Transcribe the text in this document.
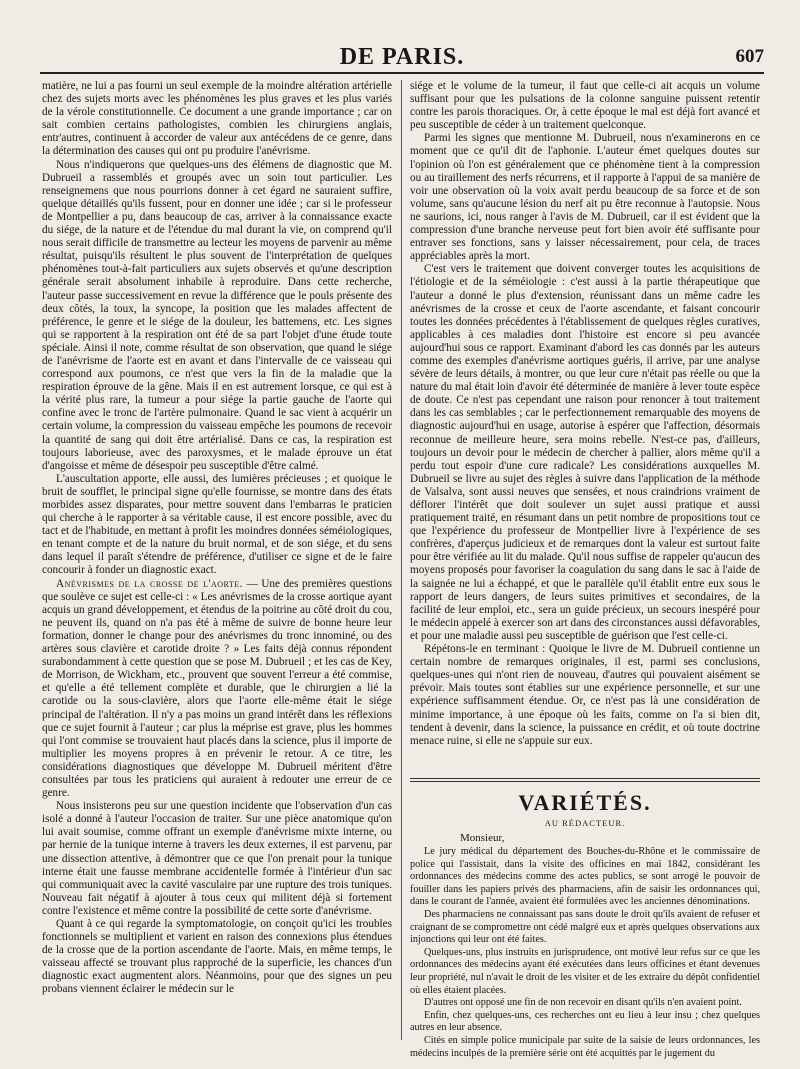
DE PARIS.	607

matière, ne lui a pas fourni un seul exemple de la moindre altération artérielle chez des sujets morts avec les phénomènes les plus graves et les plus variés de la vérole constitutionnelle. Ce document a une grande importance ; car on sait combien certains pathologistes, combien les chirurgiens anglais, entr'autres, continuent à accorder de valeur aux antécédens de ce genre, dans la détermination des causes qui ont pu produire l'anévrisme.

Nous n'indiquerons que quelques-uns des élémens de diagnostic que M. Dubrueil a rassemblés et groupés avec un soin tout particulier. Les renseignemens que nous pourrions donner à cet égard ne sauraient suffire, quelque détaillés qu'ils fussent, pour en donner une idée ; car si le professeur de Montpellier a pu, dans beaucoup de cas, arriver à la connaissance exacte du siége, de la nature et de l'étendue du mal durant la vie, on comprend qu'il nous serait difficile de transmettre au lecteur les moyens de parvenir au même résultat, puisqu'ils résultent le plus souvent de l'interprétation de quelques phénomènes tout-à-fait particuliers aux sujets observés et qu'une description générale serait absolument inhabile à reproduire. Dans cette recherche, l'auteur passe successivement en revue la différence que le pouls présente des deux côtés, la toux, la syncope, la position que les malades affectent de préférence, le genre et le siége de la douleur, les battemens, etc. Les signes qui se rapportent à la respiration ont été de sa part l'objet d'une étude toute spéciale. Ainsi il note, comme résultat de son observation, que quand le siége de l'anévrisme de l'aorte est en avant et dans l'intervalle de ce vaisseau qui correspond aux poumons, ce n'est que vers la fin de la maladie que la respiration éprouve de la gêne. Mais il en est autrement lorsque, ce qui est à la vérité plus rare, la tumeur a pour siége la partie gauche de l'aorte qui confine avec le tronc de l'artère pulmonaire. Quand le sac vient à acquérir un certain volume, la compression du vaisseau empêche les poumons de recevoir la quantité de sang qui doit être artérialisé. Dans ce cas, la respiration est toujours laborieuse, avec des paroxysmes, et le malade éprouve un état d'angoisse et même de désespoir peu susceptible d'être calmé.

L'auscultation apporte, elle aussi, des lumières précieuses ; et quoique le bruit de soufflet, le principal signe qu'elle fournisse, se montre dans des états morbides assez disparates, pour mettre souvent dans l'embarras le praticien qui cherche à le rapporter à sa véritable cause, il est encore possible, avec du tact et de l'habitude, en mettant à profit les moindres données séméiologiques, en tenant compte et de la nature du bruit normal, et de son siége, et du sens dans lequel il paraît s'étendre de préférence, d'utiliser ce signe et de le faire concourir à fonder un diagnostic exact.

Anévrismes de la crosse de l'aorte. — Une des premières questions que soulève ce sujet est celle-ci : « Les anévrismes de la crosse aortique ayant acquis un grand développement, et étendus de la poitrine au côté droit du cou, ne peuvent ils, quand on n'a pas été à même de suivre de bonne heure leur formation, donner le change pour des anévrismes du tronc innominé, ou des artères sous clavière et carotide droite ? » Les faits déjà connus répondent surabondamment à cette question que se pose M. Dubrueil ; et les cas de Key, de Morrison, de Wickham, etc., prouvent que souvent l'erreur a été commise, et qu'elle a été tellement complète et durable, que le chirurgien a lié la carotide ou la sous-clavière, alors que l'aorte elle-même était le siége principal de l'altération. Il n'y a pas moins un grand intérêt dans les réflexions que ce sujet fournit à l'auteur ; car plus la méprise est grave, plus les hommes qui l'ont commise se trouvaient haut placés dans la science, plus il importe de multiplier les moyens propres à en prévenir le retour. A ce titre, les considérations diagnostiques que développe M. Dubrueil méritent d'être consultées par tous les praticiens qui auraient à redouter une erreur de ce genre.

Nous insisterons peu sur une question incidente que l'observation d'un cas isolé a donné à l'auteur l'occasion de traiter. Sur une pièce anatomique qu'on lui avait soumise, comme offrant un exemple d'anévrisme mixte interne, ou par hernie de la tunique interne à travers les deux externes, il est parvenu, par une dissection attentive, à démontrer que ce que l'on prenait pour la tunique interne était une fausse membrane accidentelle formée à l'intérieur d'un sac qui communiquait avec la cavité vasculaire par une rupture des trois tuniques. Nouveau fait négatif à ajouter à tous ceux qui militent déjà si fortement contre l'existence et même contre la possibilité de cette sorte d'anévrisme.

Quant à ce qui regarde la symptomatologie, on conçoit qu'ici les troubles fonctionnels se multiplient et varient en raison des connexions plus étendues de la crosse que de la portion ascendante de l'aorte. Mais, en même temps, le vaisseau affecté se trouvant plus rapproché de la superficie, les chances d'un diagnostic exact augmentent alors. Néanmoins, pour que des signes un peu probans viennent éclairer le médecin sur le

siége et le volume de la tumeur, il faut que celle-ci ait acquis un volume suffisant pour que les pulsations de la colonne sanguine puissent retentir contre les parois thoraciques. Or, à cette époque le mal est déjà fort avancé et peu susceptible de céder à un traitement quelconque.

Parmi les signes que mentionne M. Dubrueil, nous n'examinerons en ce moment que ce qu'il dit de l'aphonie. L'auteur émet quelques doutes sur l'opinion où l'on est généralement que ce phénomène tient à la compression ou au tiraillement des nerfs récurrens, et il rapporte à l'appui de sa manière de voir une observation où la voix avait perdu beaucoup de sa force et de son volume, sans qu'aucune lésion du nerf ait pu être reconnue à l'autopsie. Nous ne saurions, ici, nous ranger à l'avis de M. Dubrueil, car il est évident que la compression d'une branche nerveuse peut fort bien avoir été suffisante pour entraver ses fonctions, sans y laisser nécessairement, pour cela, de traces appréciables après la mort.

C'est vers le traitement que doivent converger toutes les acquisitions de l'étiologie et de la séméiologie : c'est aussi à la partie thérapeutique que l'auteur a donné le plus d'extension, réunissant dans un même cadre les anévrismes de la crosse et ceux de l'aorte ascendante, et faisant concourir toutes les données précédentes à l'établissement de quelques règles curatives, applicables à ces maladies dont l'histoire est encore si peu avancée aujourd'hui sous ce rapport. Examinant d'abord les cas donnés par les auteurs comme des exemples d'anévrisme aortiques guéris, il arrive, par une analyse sévère de leurs détails, à montrer, ou que leur cure n'était pas réelle ou que la nature du mal était loin d'avoir été déterminée de manière à lever toute espèce de doute. Ce n'est pas cependant une raison pour renoncer à tout traitement dans les cas semblables ; car le perfectionnement remarquable des moyens de diagnostic aujourd'hui en usage, autorise à espérer que l'affection, désormais reconnue de meilleure heure, sera moins rebelle. N'est-ce pas, d'ailleurs, toujours un devoir pour le médecin de chercher à pallier, alors même qu'il a perdu tout espoir d'une cure radicale? Les considérations auxquelles M. Dubrueil se livre au sujet des règles à suivre dans l'application de la méthode de Valsalva, sont aussi neuves que sensées, et nous craindrions vraiment de déflorer l'intérêt que doit soulever un sujet aussi pratique et aussi pratiquement traité, en résumant dans un petit nombre de propositions tout ce que l'expérience du professeur de Montpellier livre à l'expérience de ses confrères, d'aperçus judicieux et de remarques dont la valeur est surtout faite pour être vérifiée au lit du malade. Qu'il nous suffise de rappeler qu'aucun des moyens proposés pour favoriser la coagulation du sang dans le sac à l'aide de la saignée ne lui a échappé, et que le parallèle qu'il établit entre eux sous le rapport de leurs dangers, de leurs suites primitives et secondaires, de la facilité de leur emploi, etc., sera un guide précieux, un secours inespéré pour le médecin appelé à exercer son art dans des circonstances aussi défavorables, et pour une maladie aussi peu susceptible de guérison que l'est celle-ci.

Répétons-le en terminant : Quoique le livre de M. Dubrueil contienne un certain nombre de remarques originales, il est, parmi ses conclusions, quelques-unes qui n'ont rien de nouveau, d'autres qui pouvaient aisément se prévoir. Mais toutes sont établies sur une expérience personnelle, et sur une expérience suffisamment étendue. Or, ce n'est pas là une considération de minime importance, à une époque où les faits, comme on l'a si bien dit, tendent à devenir, dans la science, la puissance en crédit, et où toute doctrine menace ruine, si elle ne s'appuie sur eux.

VARIÉTÉS.
AU RÉDACTEUR.
Monsieur,

Le jury médical du département des Bouches-du-Rhône et le commissaire de police qui l'assistait, dans la visite des officines en mai 1842, considérant les ordonnances des médecins comme des actes publics, se sont arrogé le pouvoir de fouiller dans les papiers privés des pharmaciens, afin de saisir les ordonnances qui, dans le courant de l'année, avaient été formulées avec les anciennes dénominations.

Des pharmaciens ne connaissant pas sans doute le droit qu'ils avaient de refuser et craignant de se compromettre ont cédé malgré eux et après quelques observations aux injonctions qui leur ont été faites.

Quelques-uns, plus instruits en jurisprudence, ont motivé leur refus sur ce que les ordonnances des médecins ayant été exécutées dans leurs officines et étant devenues leur propriété, nul n'avait le droit de les visiter et de les extraire du dépôt confidentiel où elles étaient placées.

D'autres ont opposé une fin de non recevoir en disant qu'ils n'en avaient point.

Enfin, chez quelques-uns, ces recherches ont eu lieu à leur insu ; chez quelques autres en leur absence.

Cités en simple police municipale par suite de la saisie de leurs ordonnances, les médecins inculpés de la première série ont été acquittés par le jugement du
